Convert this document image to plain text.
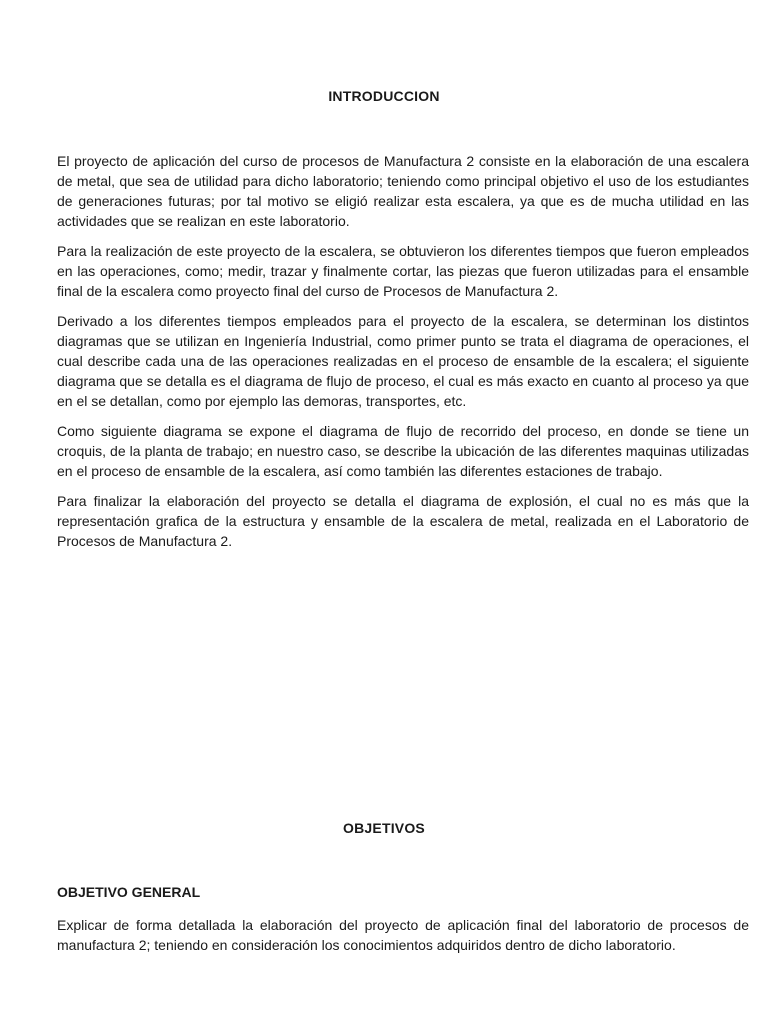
INTRODUCCION

El proyecto de aplicación del curso de procesos de Manufactura 2 consiste en la elaboración de una escalera de metal, que sea de utilidad para dicho laboratorio; teniendo como principal objetivo el uso de los estudiantes de generaciones futuras; por tal motivo se eligió realizar esta escalera, ya que es de mucha utilidad en las actividades que se realizan en este laboratorio.

Para la realización de este proyecto de la escalera, se obtuvieron los diferentes tiempos que fueron empleados en las operaciones, como; medir, trazar y finalmente cortar, las piezas que fueron utilizadas para el ensamble final de la escalera como proyecto final del curso de Procesos de Manufactura 2.

Derivado a los diferentes tiempos empleados para el proyecto de la escalera, se determinan los distintos diagramas que se utilizan en Ingeniería Industrial, como primer punto se trata el diagrama de operaciones, el cual describe cada una de las operaciones realizadas en el proceso de ensamble de la escalera; el siguiente diagrama que se detalla es el diagrama de flujo de proceso, el cual es más exacto en cuanto al proceso ya que en el se detallan, como por ejemplo las demoras, transportes, etc.

Como siguiente diagrama se expone el diagrama de flujo de recorrido del proceso, en donde se tiene un croquis, de la planta de trabajo; en nuestro caso, se describe la ubicación de las diferentes maquinas utilizadas en el proceso de ensamble de la escalera, así como también las diferentes estaciones de trabajo.

Para finalizar la elaboración del proyecto se detalla el diagrama de explosión, el cual no es más que la representación grafica de la estructura y ensamble de la escalera de metal, realizada en el Laboratorio de Procesos de Manufactura 2.

OBJETIVOS
OBJETIVO GENERAL

Explicar de forma detallada la elaboración del proyecto de aplicación final del laboratorio de procesos de manufactura 2; teniendo en consideración los conocimientos adquiridos dentro de dicho laboratorio.
